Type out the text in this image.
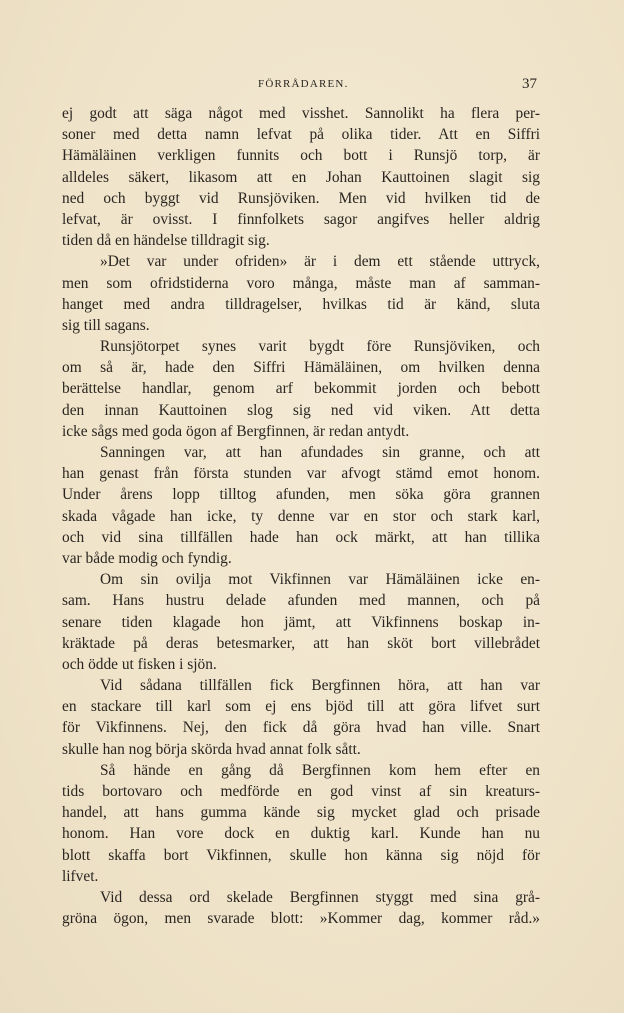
FÖRRÅDAREN.	37
ej godt att säga något med visshet. Sannolikt ha flera per-
soner med detta namn lefvat på olika tider. Att en Siffri
Hämäläinen verkligen funnits och bott i Runsjö torp, är
alldeles säkert, likasom att en Johan Kauttoinen slagit sig
ned och byggt vid Runsjöviken. Men vid hvilken tid de
lefvat, är ovisst. I finnfolkets sagor angifves heller aldrig
tiden då en händelse tilldragit sig.
»Det var under ofriden» är i dem ett stående uttryck,
men som ofridstiderna voro många, måste man af samman-
hanget med andra tilldragelser, hvilkas tid är känd, sluta
sig till sagans.
Runsjötorpet synes varit bygdt före Runsjöviken, och
om så är, hade den Siffri Hämäläinen, om hvilken denna
berättelse handlar, genom arf bekommit jorden och bebott
den innan Kauttoinen slog sig ned vid viken. Att detta
icke sågs med goda ögon af Bergfinnen, är redan antydt.
Sanningen var, att han afundades sin granne, och att
han genast från första stunden var afvogt stämd emot honom.
Under årens lopp tilltog afunden, men söka göra grannen
skada vågade han icke, ty denne var en stor och stark karl,
och vid sina tillfällen hade han ock märkt, att han tillika
var både modig och fyndig.
Om sin ovilja mot Vikfinnen var Hämäläinen icke en-
sam. Hans hustru delade afunden med mannen, och på
senare tiden klagade hon jämt, att Vikfinnens boskap in-
kräktade på deras betesmarker, att han sköt bort villebrådet
och ödde ut fisken i sjön.
Vid sådana tillfällen fick Bergfinnen höra, att han var
en stackare till karl som ej ens bjöd till att göra lifvet surt
för Vikfinnens. Nej, den fick då göra hvad han ville. Snart
skulle han nog börja skörda hvad annat folk sått.
Så hände en gång då Bergfinnen kom hem efter en
tids bortovaro och medförde en god vinst af sin kreaturs-
handel, att hans gumma kände sig mycket glad och prisade
honom. Han vore dock en duktig karl. Kunde han nu
blott skaffa bort Vikfinnen, skulle hon känna sig nöjd för
lifvet.
Vid dessa ord skelade Bergfinnen styggt med sina grå-
gröna ögon, men svarade blott: »Kommer dag, kommer råd.»
